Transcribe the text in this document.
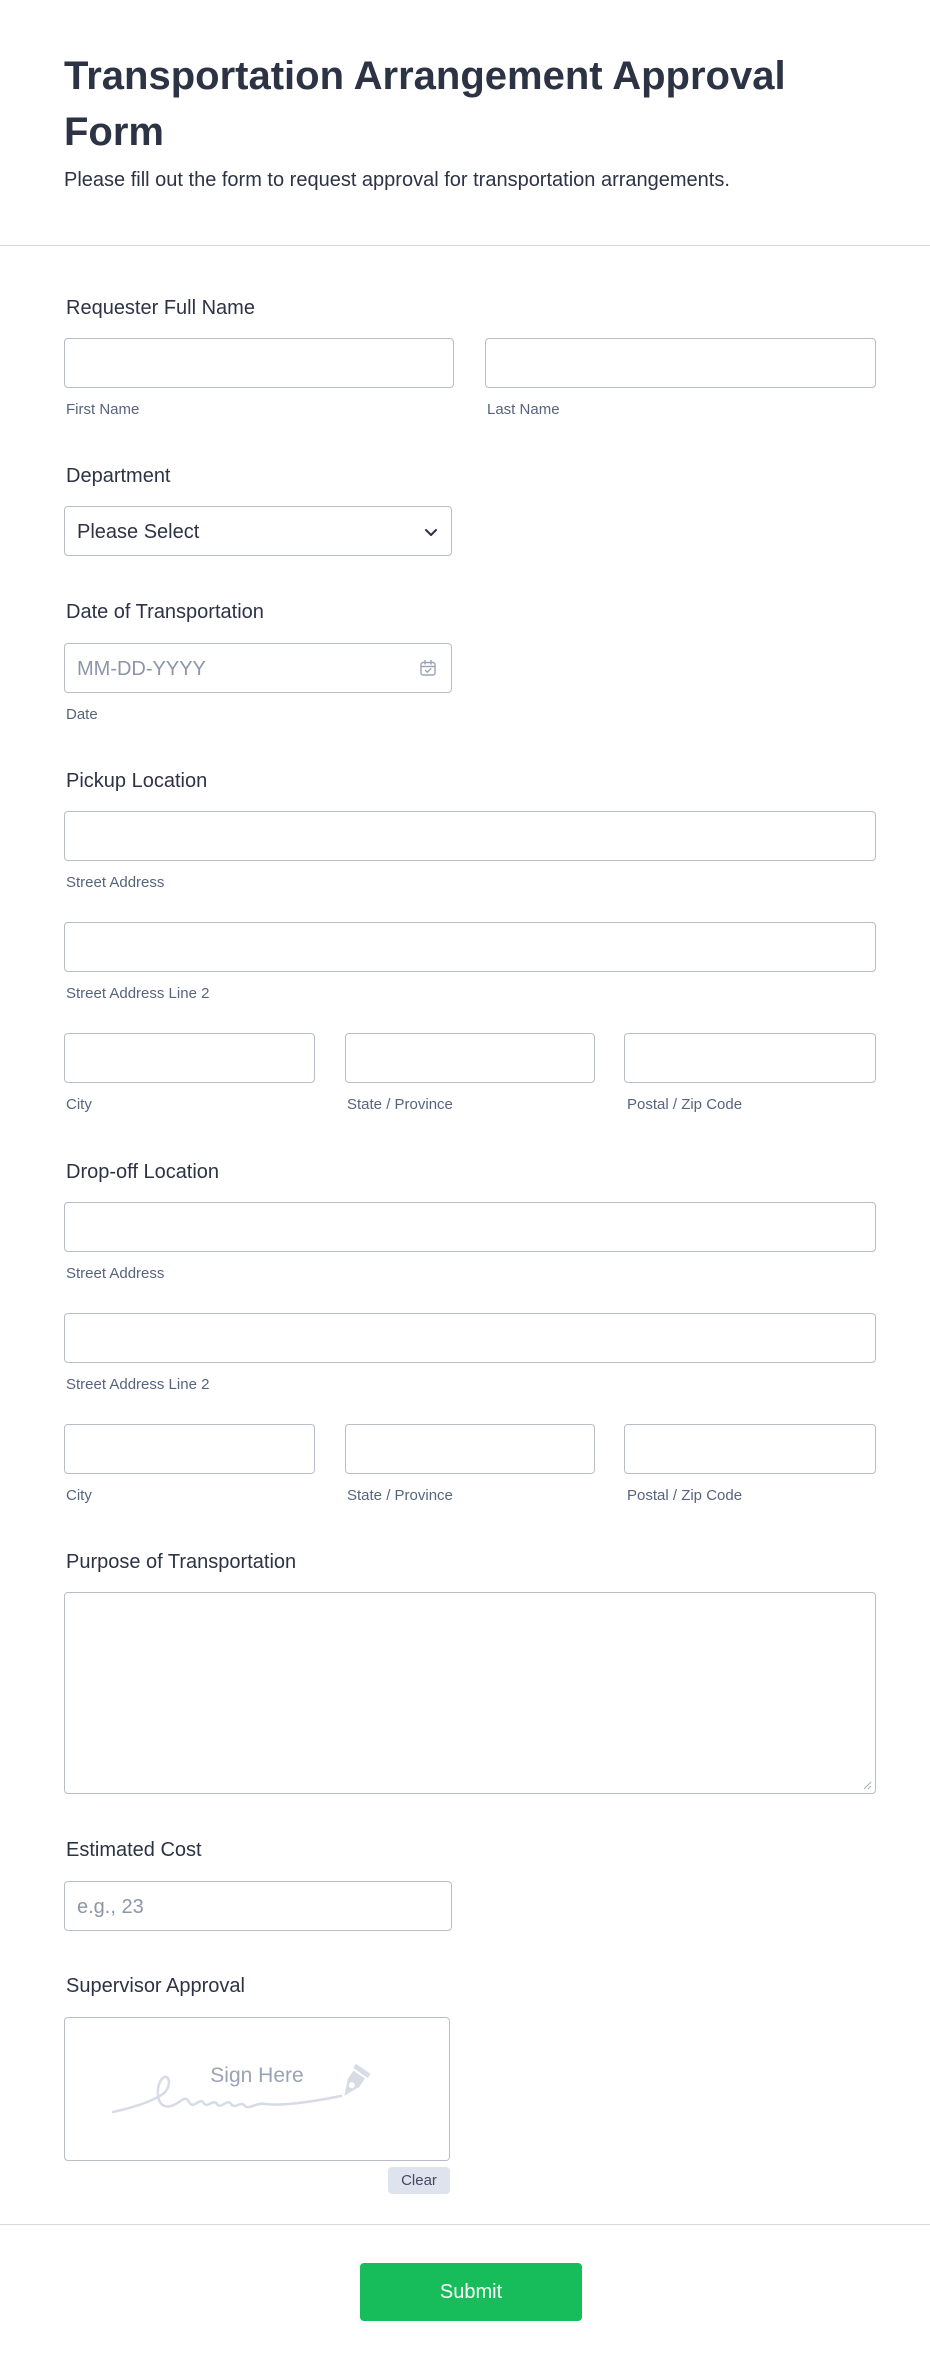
Transportation Arrangement Approval Form
Please fill out the form to request approval for transportation arrangements.
Requester Full Name
First Name	Last Name
Department
Please Select
Date of Transportation
MM-DD-YYYY
Date
Pickup Location
Street Address
Street Address Line 2
City	State / Province	Postal / Zip Code
Drop-off Location
Street Address
Street Address Line 2
City	State / Province	Postal / Zip Code
Purpose of Transportation
Estimated Cost
e.g., 23
Supervisor Approval
Sign Here
Clear
Submit
